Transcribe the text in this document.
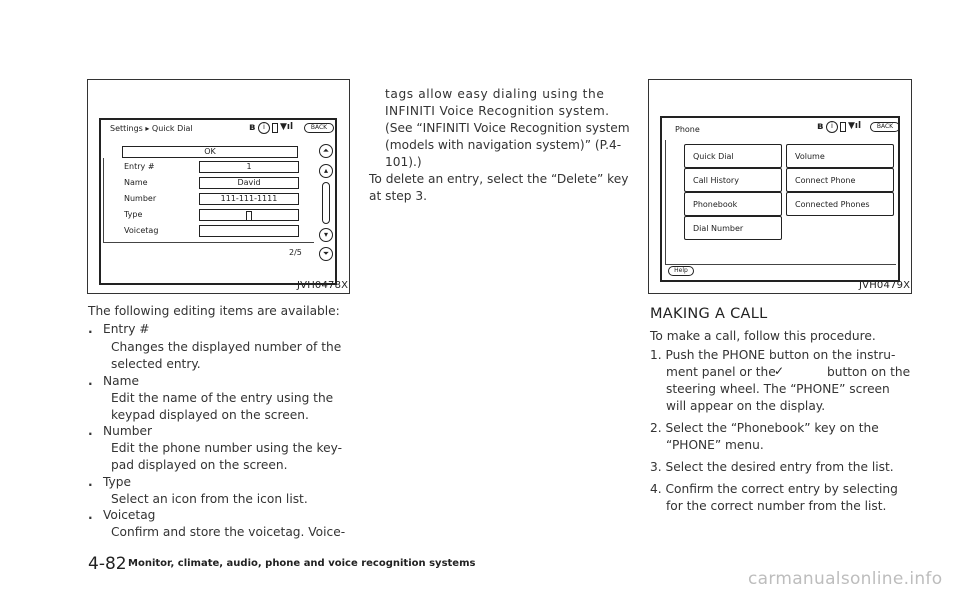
Settings ▸ Quick Dial	ʙ	i	▼ıl	BACK
OK
Entry #	1
Name	David
Number	111-111-1111
Type
Voicetag
⏶
▴
▾
⏷
2/5
JVH0478X
Phone	ʙ	i	▼ıl	BACK
Quick Dial
Call History
Phonebook
Dial Number
Volume
Connect Phone
Connected Phones
Help
JVH0479X
The following editing items are available:
. Entry #
Changes the displayed number of the
selected entry.
. Name
Edit the name of the entry using the
keypad displayed on the screen.
. Number
Edit the phone number using the key-
pad displayed on the screen.
. Type
Select an icon from the icon list.
. Voicetag
Confirm and store the voicetag. Voice-
tags allow easy dialing using the
INFINITI Voice Recognition system.
(See “INFINITI Voice Recognition system
(models with navigation system)” (P.4-
101).)
To delete an entry, select the “Delete” key
at step 3.
MAKING A CALL
To make a call, follow this procedure.
1. Push the PHONE button on the instru-
ment panel or the
✓	button on the
steering wheel. The “PHONE” screen
will appear on the display.
2. Select the “Phonebook” key on the
“PHONE” menu.
3. Select the desired entry from the list.
4. Confirm the correct entry by selecting
for the correct number from the list.
4-82 Monitor, climate, audio, phone and voice recognition systems
carmanualsonline.info
